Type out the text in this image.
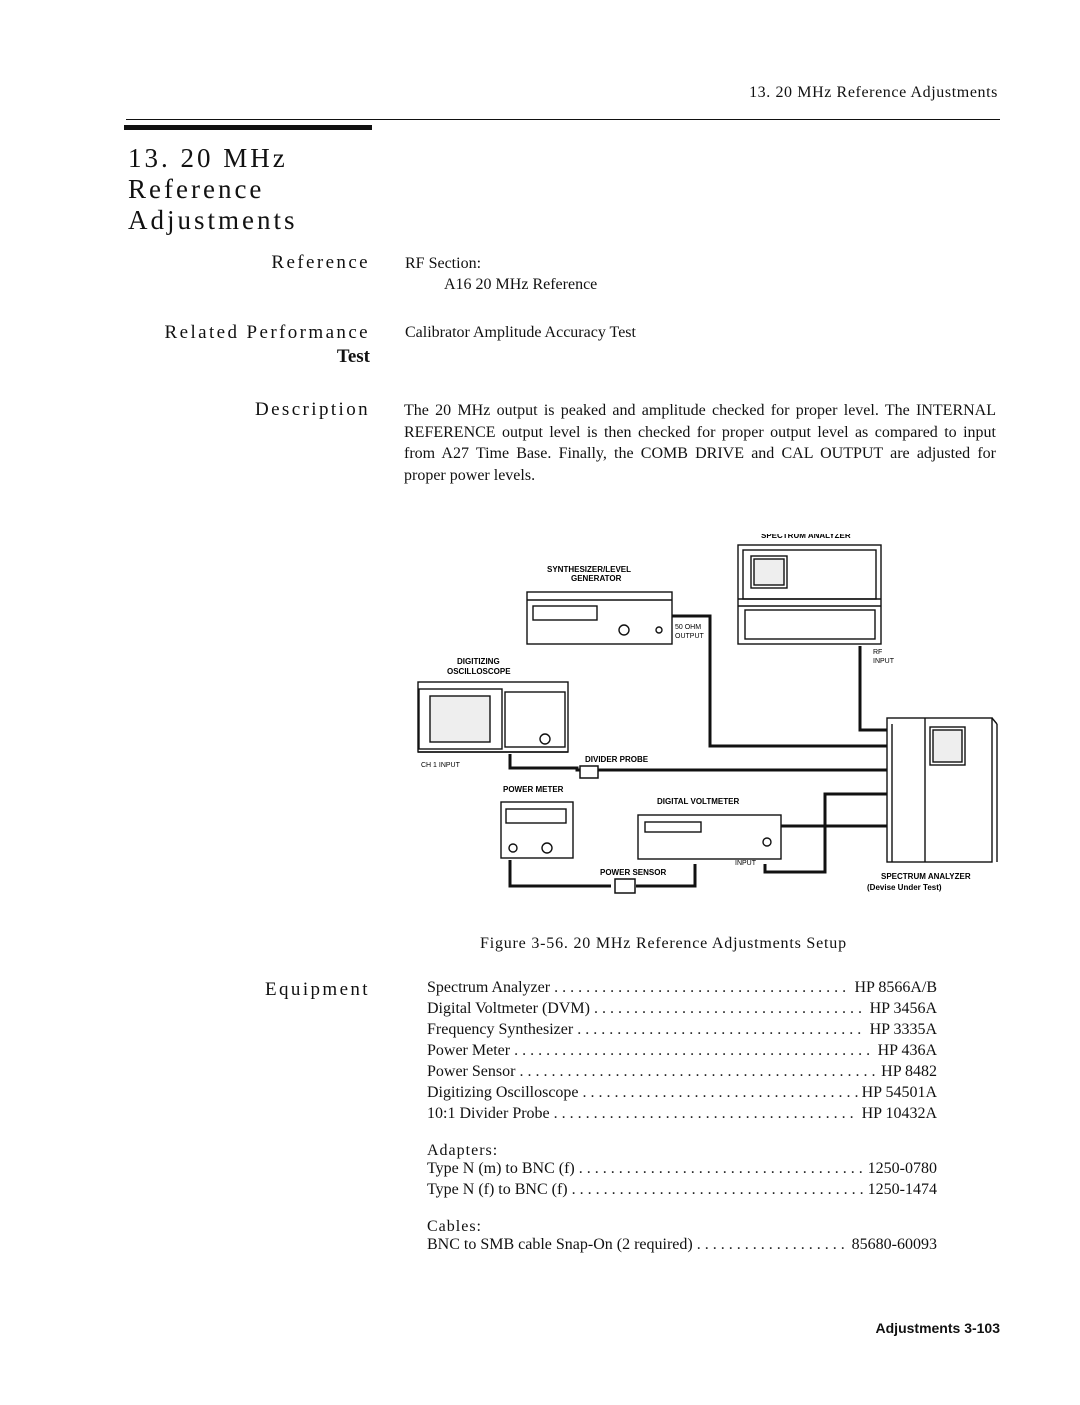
13. 20 MHz Reference Adjustments
13. 20 MHz
Reference
Adjustments
Reference RF Section:
A16 20 MHz Reference
Related Performance
Test
Calibrator Amplitude Accuracy Test
Description The 20 MHz output is peaked and amplitude checked for proper level. The INTERNAL REFERENCE output level is then checked for proper output level as compared to input from A27 Time Base. Finally, the COMB DRIVE and CAL OUTPUT are adjusted for proper power levels.
SPECTRUM ANALYZER
SYNTHESIZER/LEVEL
GENERATOR
50 OHM
OUTPUT
RF
INPUT
DIGITIZING
OSCILLOSCOPE
CH 1 INPUT
DIVIDER PROBE
POWER METER
DIGITAL VOLTMETER
INPUT
POWER SENSOR	SPECTRUM ANALYZER
(Devise Under Test)
Figure 3-56. 20 MHz Reference Adjustments Setup
Equipment	Spectrum Analyzer . . .	HP 8566A/B
Digital Voltmeter (DVM) . . .	HP 3456A
Frequency Synthesizer . . .	HP 3335A
Power Meter . . .	HP 436A
Power Sensor . . .	HP 8482
Digitizing Oscilloscope . . .	HP 54501A
10:1 Divider Probe . . .	HP 10432A
Adapters:
Type N (m) to BNC (f) . . .	1250-0780
Type N (f) to BNC (f) . . .	1250-1474
Cables:
BNC to SMB cable Snap-On (2 required) . . .	85680-60093
Adjustments 3-103
